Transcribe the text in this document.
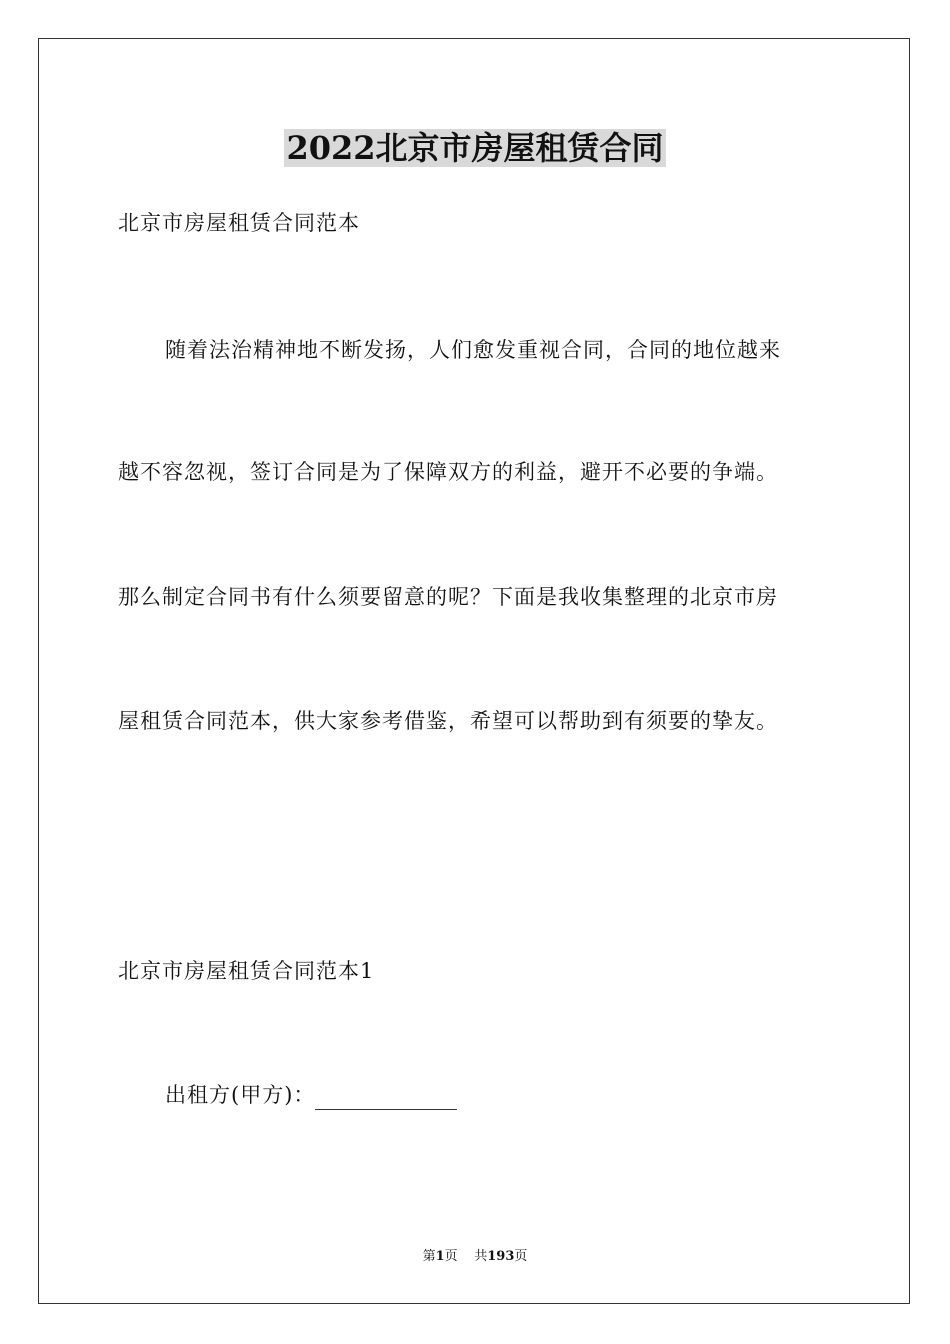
2022北京市房屋租赁合同
北京市房屋租赁合同范本
随着法治精神地不断发扬，人们愈发重视合同，合同的地位越来
越不容忽视，签订合同是为了保障双方的利益，避开不必要的争端。
那么制定合同书有什么须要留意的呢？下面是我收集整理的北京市房
屋租赁合同范本，供大家参考借鉴，希望可以帮助到有须要的挚友。
北京市房屋租赁合同范本1
出租方(甲方)：
第1页 共193页
